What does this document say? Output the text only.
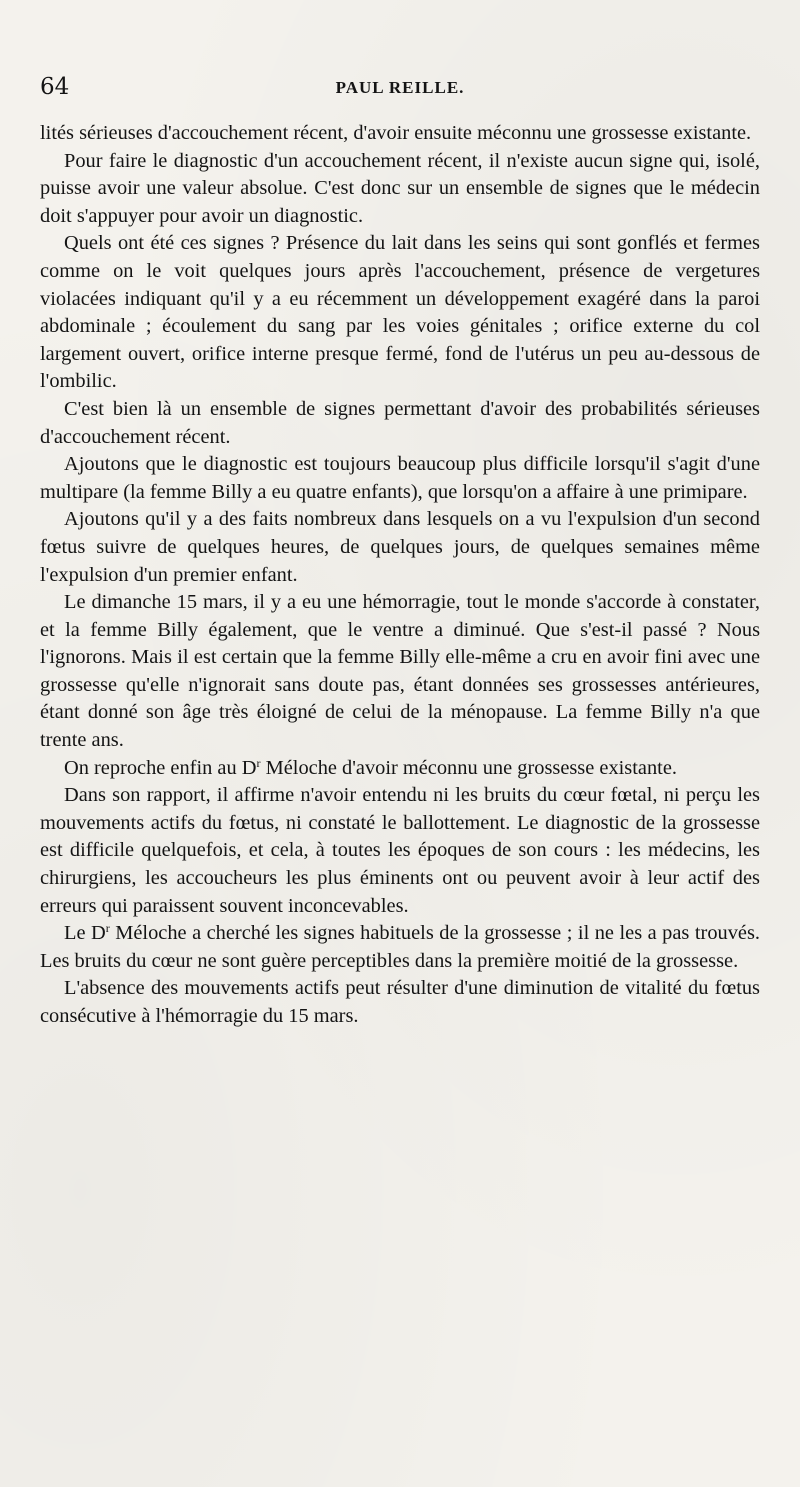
64	PAUL REILLE.

lités sérieuses d'accouchement récent, d'avoir ensuite méconnu une grossesse existante.

Pour faire le diagnostic d'un accouchement récent, il n'existe aucun signe qui, isolé, puisse avoir une valeur absolue. C'est donc sur un ensemble de signes que le médecin doit s'appuyer pour avoir un diagnostic.

Quels ont été ces signes ? Présence du lait dans les seins qui sont gonflés et fermes comme on le voit quelques jours après l'accouchement, présence de vergetures violacées indiquant qu'il y a eu récemment un développement exagéré dans la paroi abdominale ; écoulement du sang par les voies génitales ; orifice externe du col largement ouvert, orifice interne presque fermé, fond de l'utérus un peu au-dessous de l'ombilic.

C'est bien là un ensemble de signes permettant d'avoir des probabilités sérieuses d'accouchement récent.

Ajoutons que le diagnostic est toujours beaucoup plus difficile lorsqu'il s'agit d'une multipare (la femme Billy a eu quatre enfants), que lorsqu'on a affaire à une primipare.

Ajoutons qu'il y a des faits nombreux dans lesquels on a vu l'expulsion d'un second fœtus suivre de quelques heures, de quelques jours, de quelques semaines même l'expulsion d'un premier enfant.

Le dimanche 15 mars, il y a eu une hémorragie, tout le monde s'accorde à constater, et la femme Billy également, que le ventre a diminué. Que s'est-il passé ? Nous l'ignorons. Mais il est certain que la femme Billy elle-même a cru en avoir fini avec une grossesse qu'elle n'ignorait sans doute pas, étant données ses grossesses antérieures, étant donné son âge très éloigné de celui de la ménopause. La femme Billy n'a que trente ans.

On reproche enfin au $D^r$ Méloche d'avoir méconnu une grossesse existante.

Dans son rapport, il affirme n'avoir entendu ni les bruits du cœur fœtal, ni perçu les mouvements actifs du fœtus, ni constaté le ballottement. Le diagnostic de la grossesse est difficile quelquefois, et cela, à toutes les époques de son cours : les médecins, les chirurgiens, les accoucheurs les plus éminents ont ou peuvent avoir à leur actif des erreurs qui paraissent souvent inconcevables.

Le $D^r$ Méloche a cherché les signes habituels de la grossesse ; il ne les a pas trouvés. Les bruits du cœur ne sont guère perceptibles dans la première moitié de la grossesse.

L'absence des mouvements actifs peut résulter d'une diminution de vitalité du fœtus consécutive à l'hémorragie du 15 mars.
